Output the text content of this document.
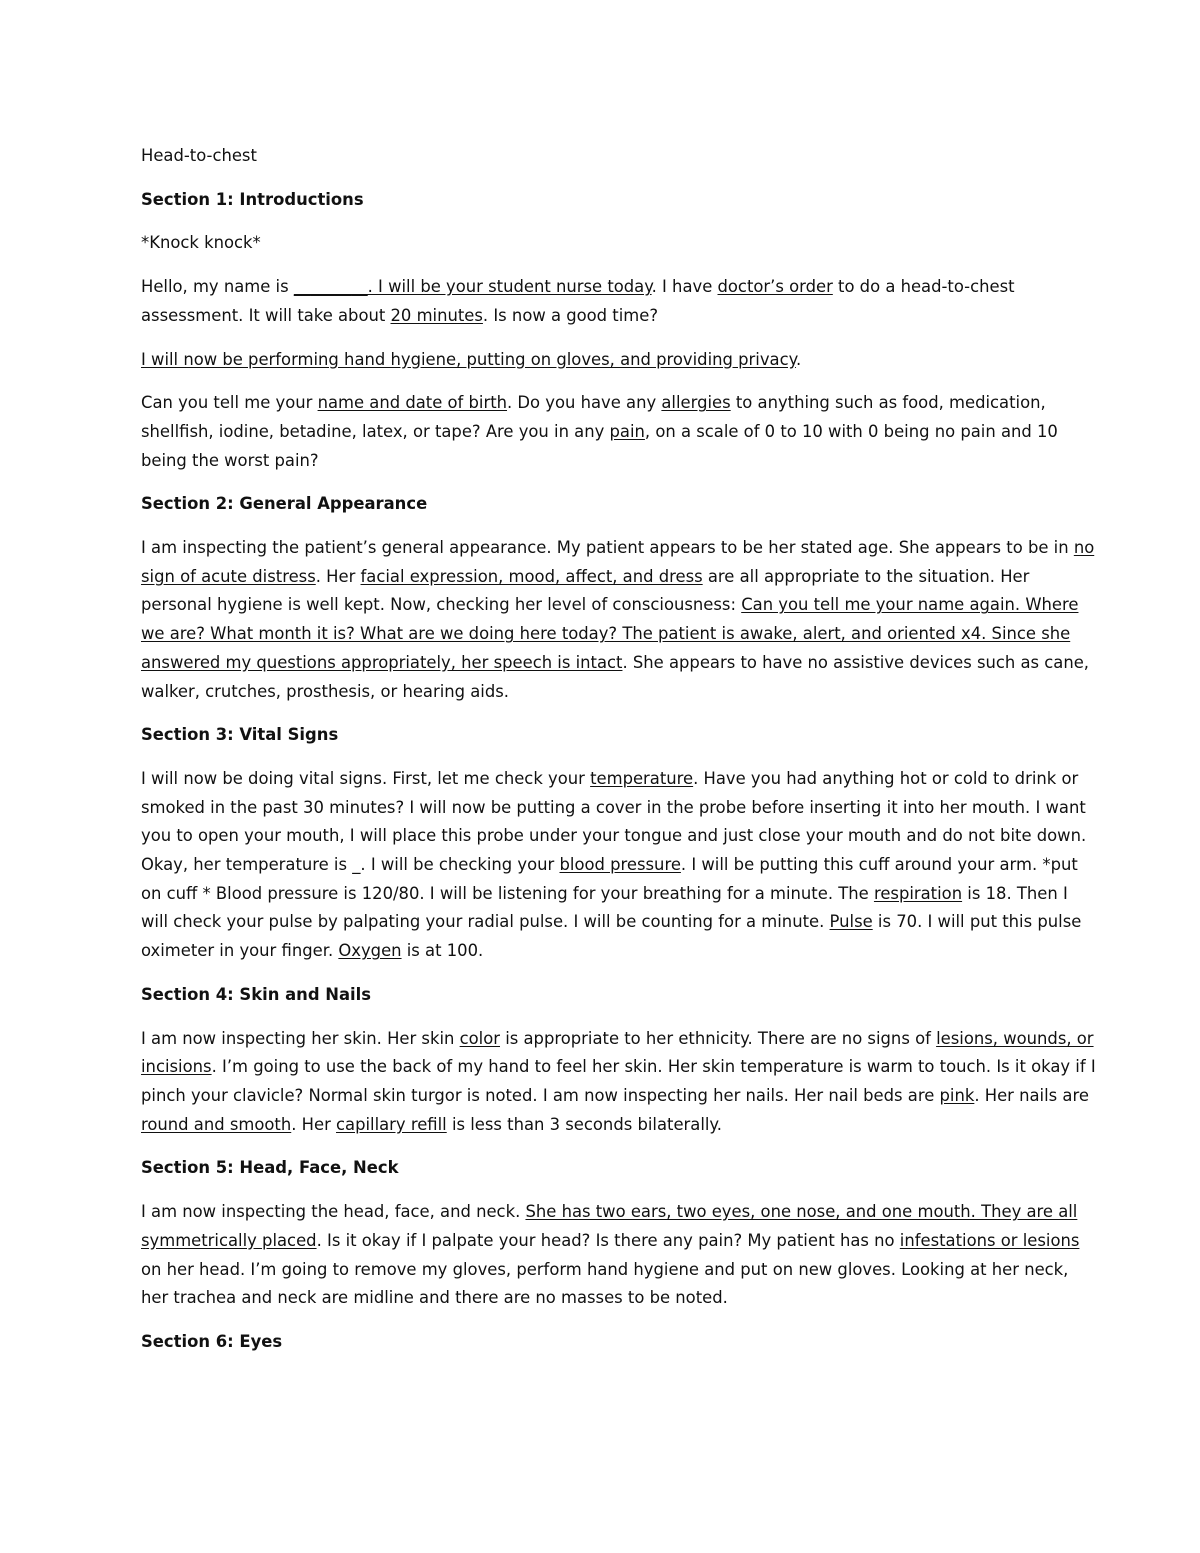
Head-to-chest

Section 1: Introductions

*Knock knock*

Hello, my name is _________. I will be your student nurse today. I have doctor’s order to do a head-to-chest assessment. It will take about 20 minutes. Is now a good time?

I will now be performing hand hygiene, putting on gloves, and providing privacy.

Can you tell me your name and date of birth. Do you have any allergies to anything such as food, medication, shellfish, iodine, betadine, latex, or tape? Are you in any pain, on a scale of 0 to 10 with 0 being no pain and 10 being the worst pain?

Section 2: General Appearance

I am inspecting the patient’s general appearance. My patient appears to be her stated age. She appears to be in no sign of acute distress. Her facial expression, mood, affect, and dress are all appropriate to the situation. Her personal hygiene is well kept. Now, checking her level of consciousness: Can you tell me your name again. Where we are? What month it is? What are we doing here today? The patient is awake, alert, and oriented x4. Since she answered my questions appropriately, her speech is intact. She appears to have no assistive devices such as cane, walker, crutches, prosthesis, or hearing aids.

Section 3: Vital Signs

I will now be doing vital signs. First, let me check your temperature. Have you had anything hot or cold to drink or smoked in the past 30 minutes? I will now be putting a cover in the probe before inserting it into her mouth. I want you to open your mouth, I will place this probe under your tongue and just close your mouth and do not bite down. Okay, her temperature is _. I will be checking your blood pressure. I will be putting this cuff around your arm. *put on cuff * Blood pressure is 120/80. I will be listening for your breathing for a minute. The respiration is 18. Then I will check your pulse by palpating your radial pulse. I will be counting for a minute. Pulse is 70. I will put this pulse oximeter in your finger. Oxygen is at 100.

Section 4: Skin and Nails

I am now inspecting her skin. Her skin color is appropriate to her ethnicity. There are no signs of lesions, wounds, or incisions. I’m going to use the back of my hand to feel her skin. Her skin temperature is warm to touch. Is it okay if I pinch your clavicle? Normal skin turgor is noted. I am now inspecting her nails. Her nail beds are pink. Her nails are round and smooth. Her capillary refill is less than 3 seconds bilaterally.

Section 5: Head, Face, Neck

I am now inspecting the head, face, and neck. She has two ears, two eyes, one nose, and one mouth. They are all symmetrically placed. Is it okay if I palpate your head? Is there any pain? My patient has no infestations or lesions on her head. I’m going to remove my gloves, perform hand hygiene and put on new gloves. Looking at her neck, her trachea and neck are midline and there are no masses to be noted.

Section 6: Eyes
